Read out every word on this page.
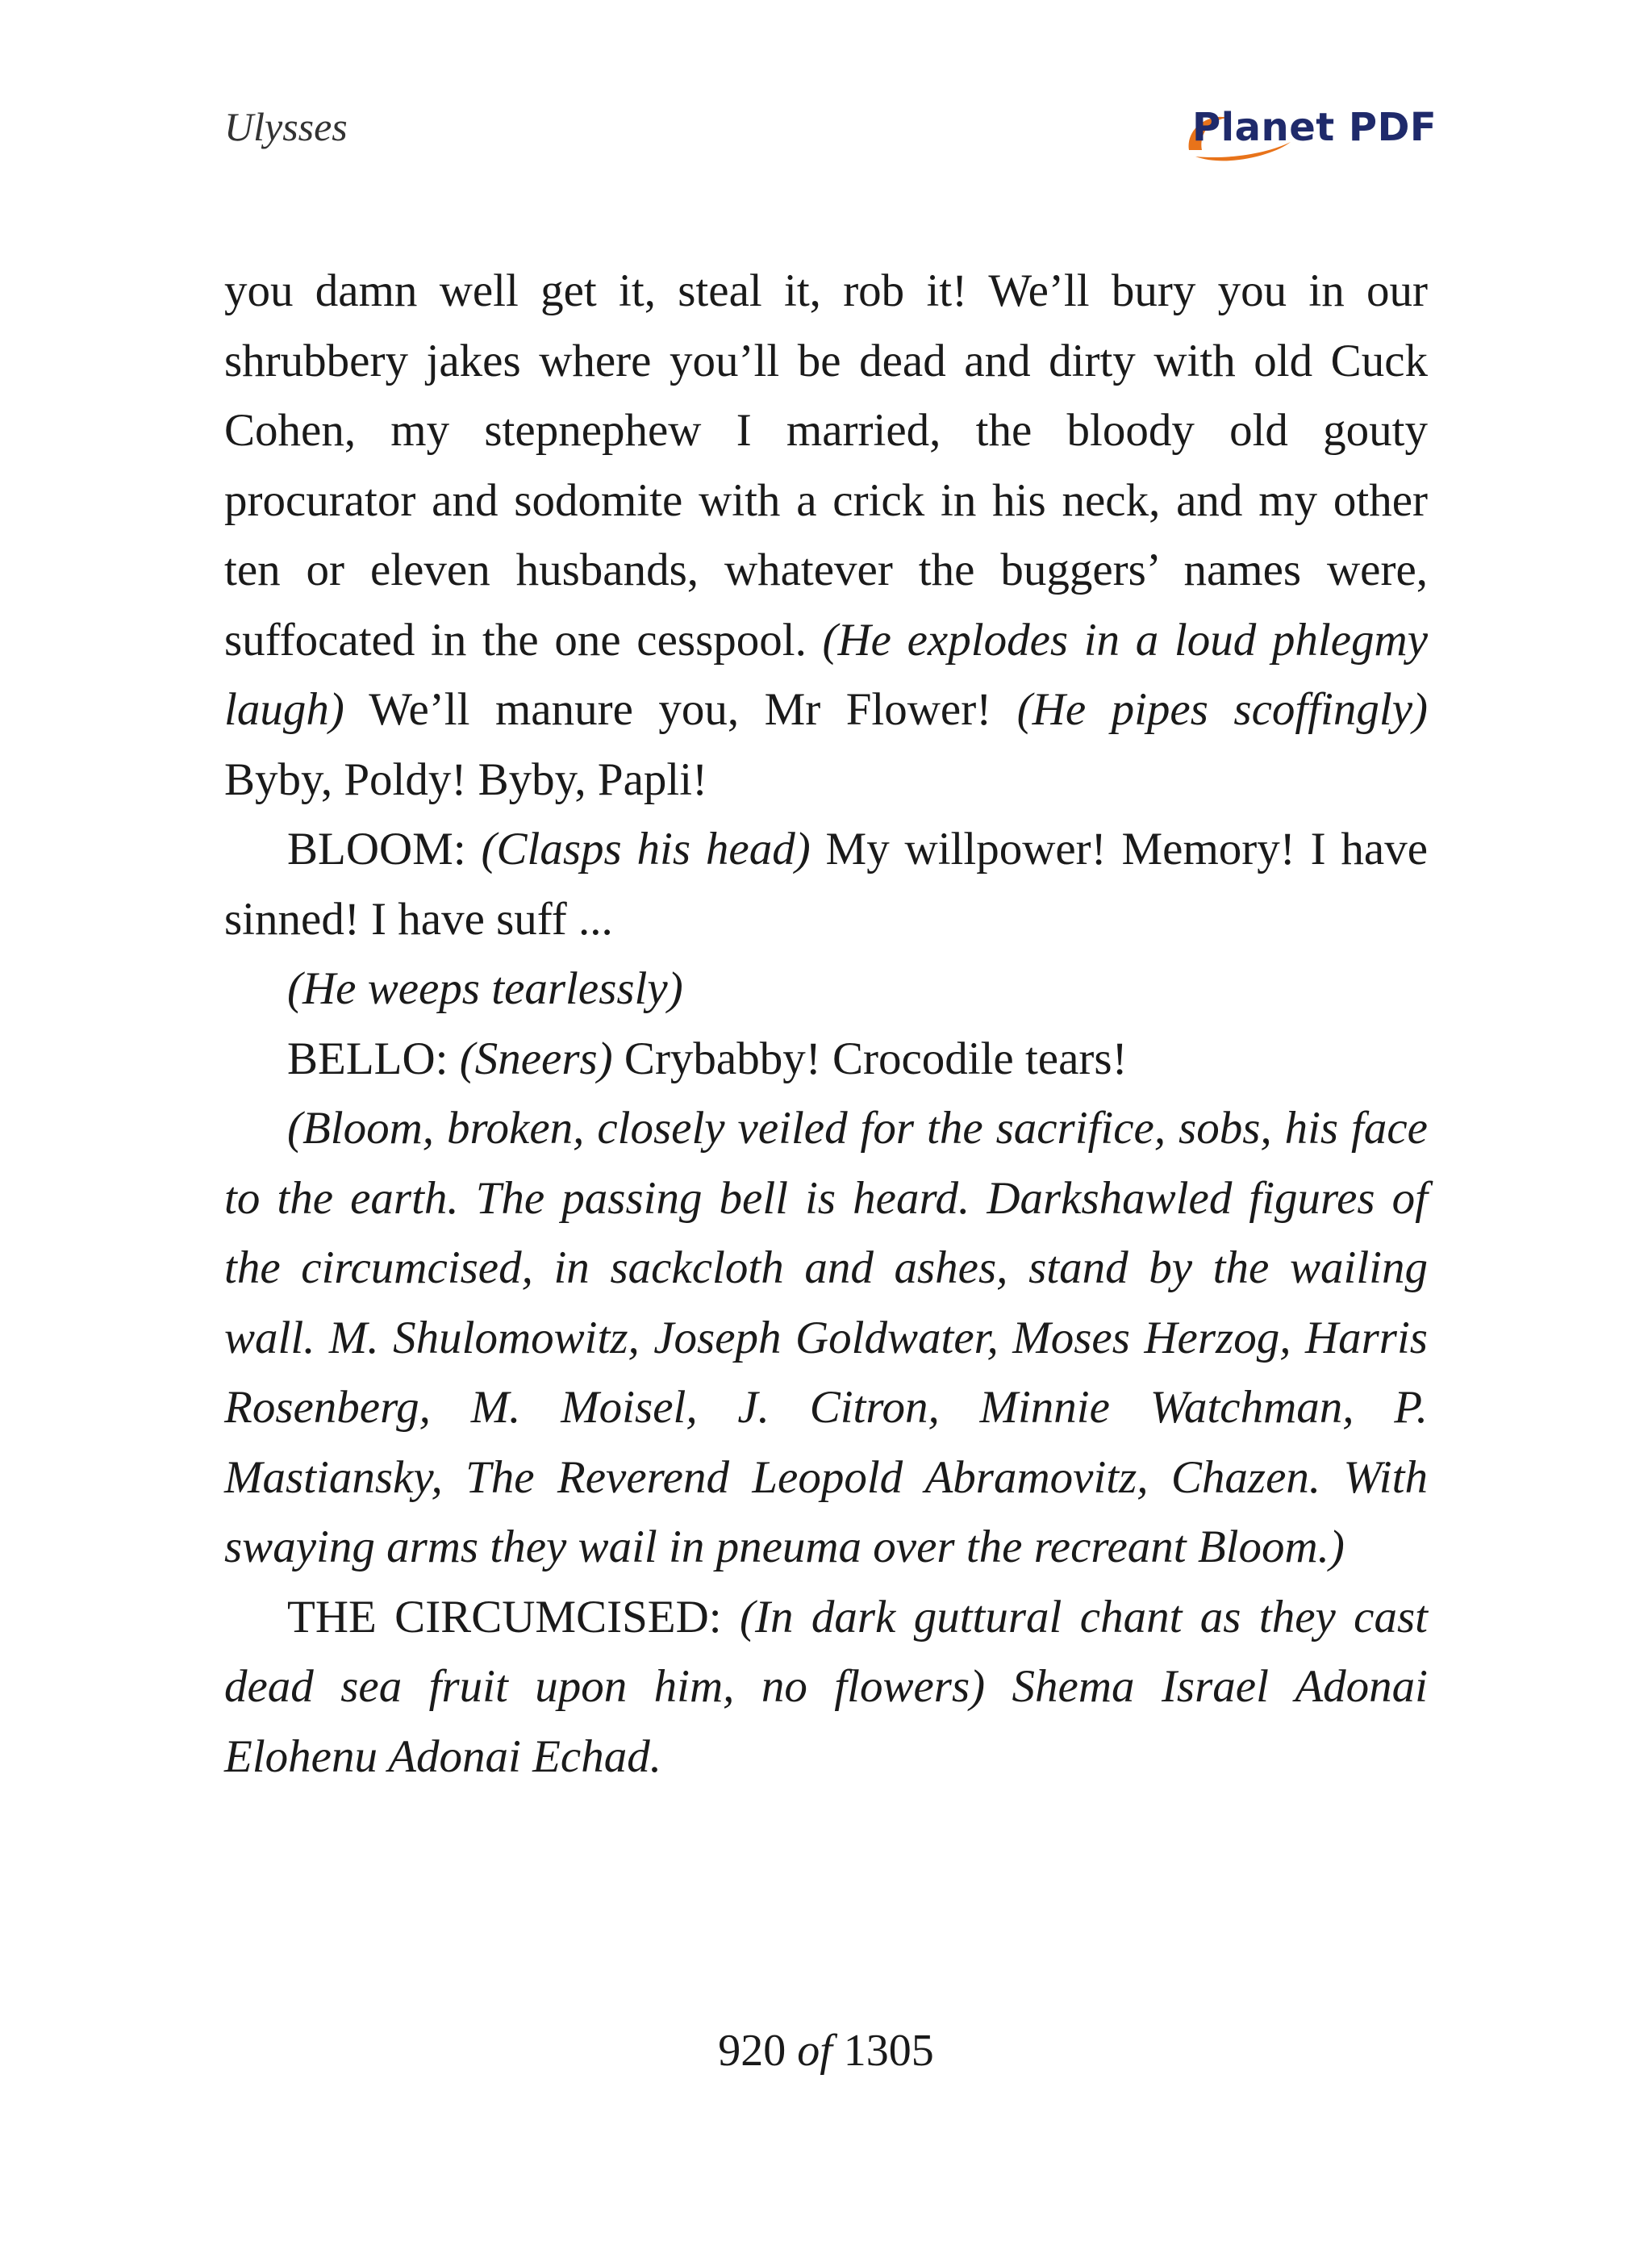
Ulysses	Planet PDF

you damn well get it, steal it, rob it! We’ll bury you in our shrubbery jakes where you’ll be dead and dirty with old Cuck Cohen, my stepnephew I married, the bloody old gouty procurator and sodomite with a crick in his neck, and my other ten or eleven husbands, whatever the buggers’ names were, suffocated in the one cesspool. (He explodes in a loud phlegmy laugh) We’ll manure you, Mr Flower! (He pipes scoffingly) Byby, Poldy! Byby, Papli!

BLOOM: (Clasps his head) My willpower! Memory! I have sinned! I have suff ...

(He weeps tearlessly)

BELLO: (Sneers) Crybabby! Crocodile tears!

(Bloom, broken, closely veiled for the sacrifice, sobs, his face to the earth. The passing bell is heard. Darkshawled figures of the circumcised, in sackcloth and ashes, stand by the wailing wall. M. Shulomowitz, Joseph Goldwater, Moses Herzog, Harris Rosenberg, M. Moisel, J. Citron, Minnie Watchman, P. Mastiansky, The Reverend Leopold Abramovitz, Chazen. With swaying arms they wail in pneuma over the recreant Bloom.)

THE CIRCUMCISED: (In dark guttural chant as they cast dead sea fruit upon him, no flowers) Shema Israel Adonai Elohenu Adonai Echad.

920 of 1305
